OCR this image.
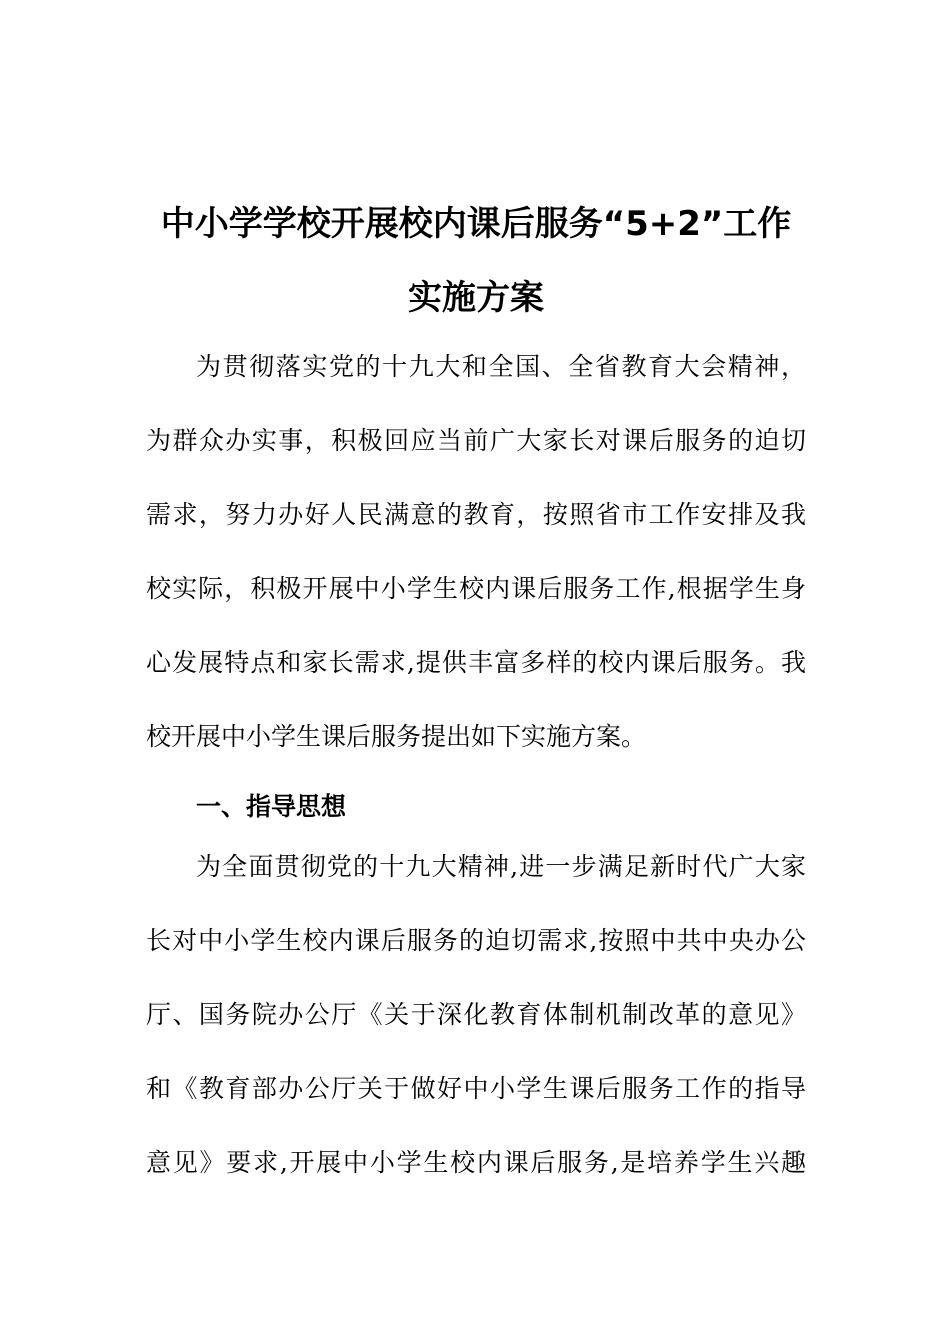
中小学学校开展校内课后服务“5+2”工作
实施方案
为贯彻落实党的十九大和全国、全省教育大会精神，
为群众办实事，积极回应当前广大家长对课后服务的迫切
需求，努力办好人民满意的教育，按照省市工作安排及我
校实际，积极开展中小学生校内课后服务工作,根据学生身
心发展特点和家长需求,提供丰富多样的校内课后服务。我
校开展中小学生课后服务提出如下实施方案。
一、指导思想
为全面贯彻党的十九大精神,进一步满足新时代广大家
长对中小学生校内课后服务的迫切需求,按照中共中央办公
厅、国务院办公厅《关于深化教育体制机制改革的意见》
和《教育部办公厅关于做好中小学生课后服务工作的指导
意见》要求,开展中小学生校内课后服务,是培养学生兴趣
